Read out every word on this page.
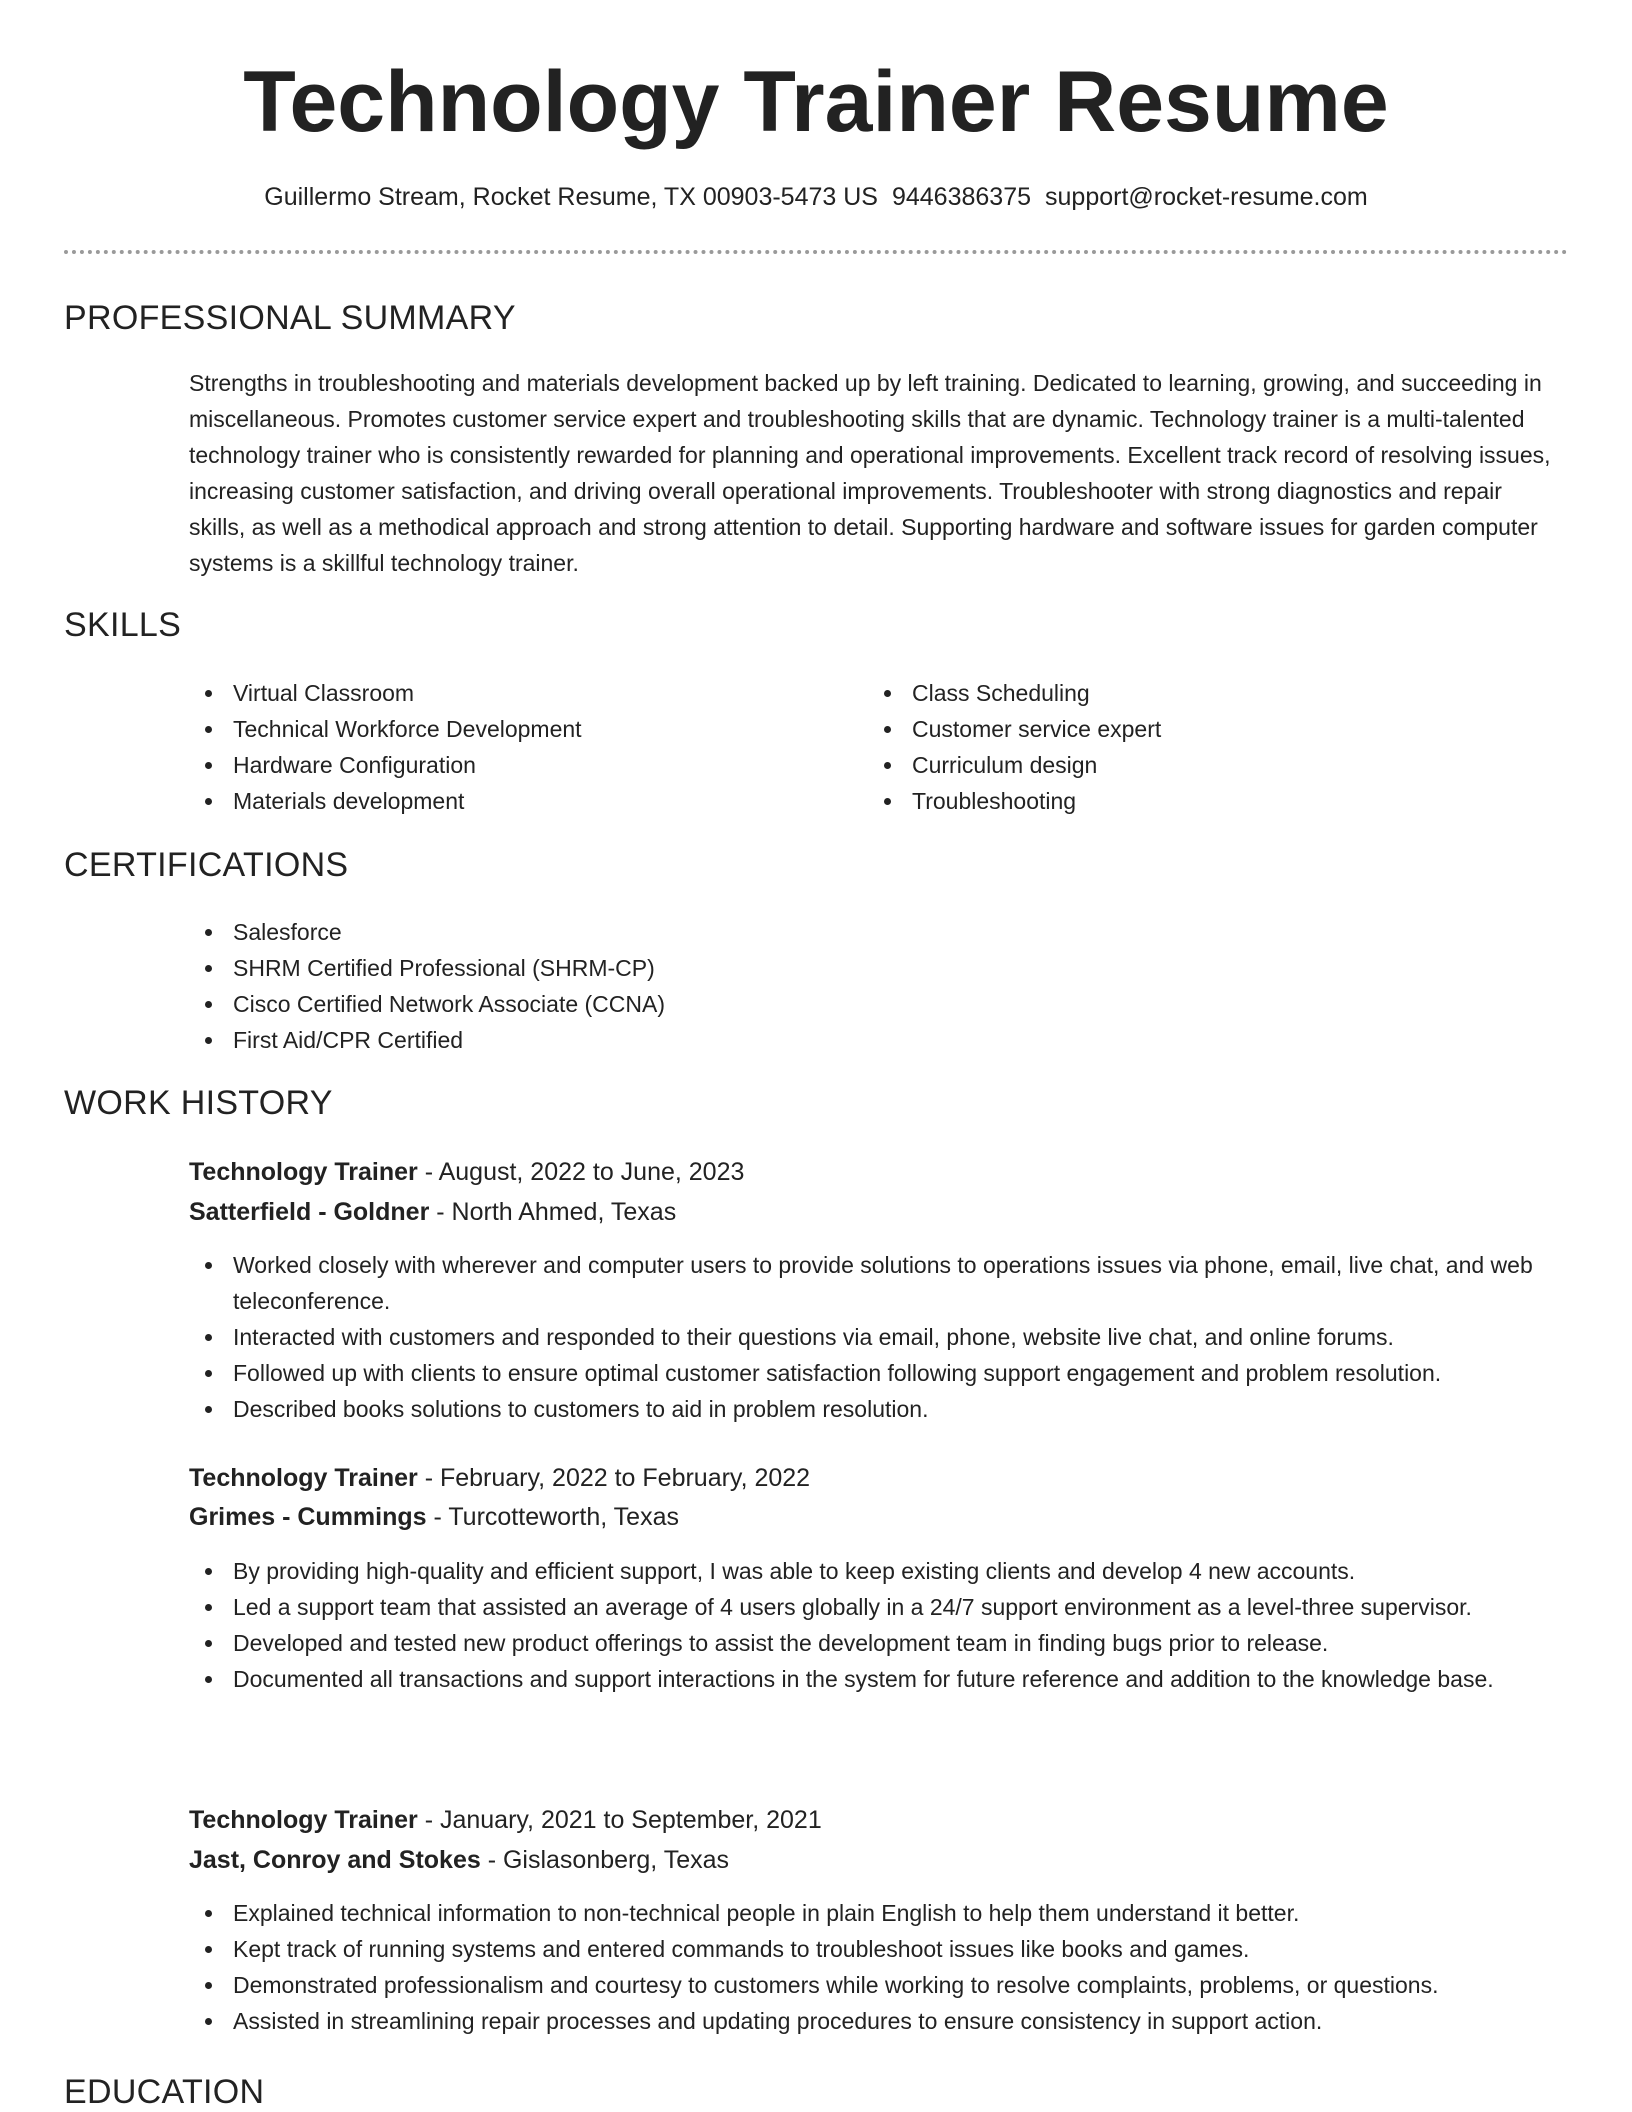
Technology Trainer Resume
Guillermo Stream, Rocket Resume, TX 00903-5473 US 9446386375 support@rocket-resume.com
PROFESSIONAL SUMMARY
Strengths in troubleshooting and materials development backed up by left training. Dedicated to learning, growing, and succeeding in miscellaneous. Promotes customer service expert and troubleshooting skills that are dynamic. Technology trainer is a multi-talented technology trainer who is consistently rewarded for planning and operational improvements. Excellent track record of resolving issues, increasing customer satisfaction, and driving overall operational improvements. Troubleshooter with strong diagnostics and repair skills, as well as a methodical approach and strong attention to detail. Supporting hardware and software issues for garden computer systems is a skillful technology trainer.
SKILLS
Virtual Classroom
Technical Workforce Development
Hardware Configuration
Materials development
Class Scheduling
Customer service expert
Curriculum design
Troubleshooting
CERTIFICATIONS
Salesforce
SHRM Certified Professional (SHRM-CP)
Cisco Certified Network Associate (CCNA)
First Aid/CPR Certified
WORK HISTORY
Technology Trainer - August, 2022 to June, 2023
Satterfield - Goldner - North Ahmed, Texas
Worked closely with wherever and computer users to provide solutions to operations issues via phone, email, live chat, and web teleconference.
Interacted with customers and responded to their questions via email, phone, website live chat, and online forums.
Followed up with clients to ensure optimal customer satisfaction following support engagement and problem resolution.
Described books solutions to customers to aid in problem resolution.
Technology Trainer - February, 2022 to February, 2022
Grimes - Cummings - Turcotteworth, Texas
By providing high-quality and efficient support, I was able to keep existing clients and develop 4 new accounts.
Led a support team that assisted an average of 4 users globally in a 24/7 support environment as a level-three supervisor.
Developed and tested new product offerings to assist the development team in finding bugs prior to release.
Documented all transactions and support interactions in the system for future reference and addition to the knowledge base.
Technology Trainer - January, 2021 to September, 2021
Jast, Conroy and Stokes - Gislasonberg, Texas
Explained technical information to non-technical people in plain English to help them understand it better.
Kept track of running systems and entered commands to troubleshoot issues like books and games.
Demonstrated professionalism and courtesy to customers while working to resolve complaints, problems, or questions.
Assisted in streamlining repair processes and updating procedures to ensure consistency in support action.
EDUCATION
